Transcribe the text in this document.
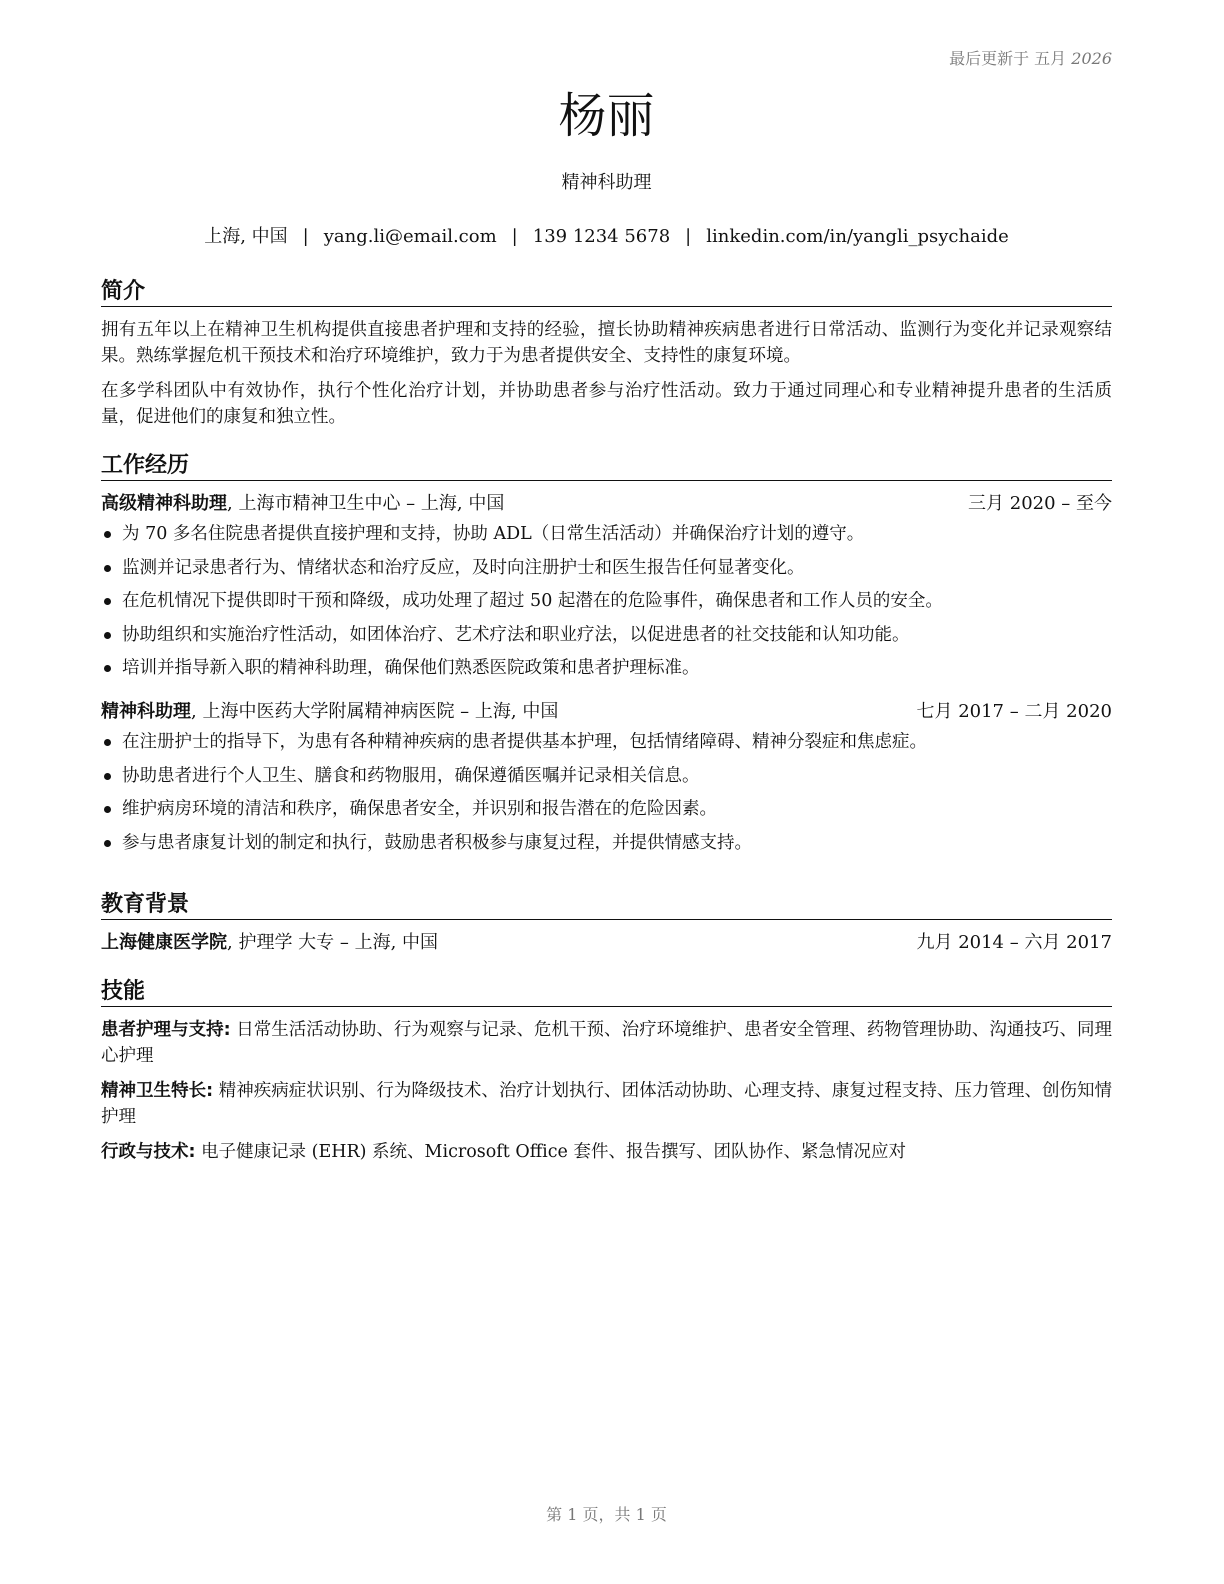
最后更新于 五月 2026
杨丽
精神科助理
上海, 中国 | yang.li@email.com | 139 1234 5678 | linkedin.com/in/yangli_psychaide
简介

拥有五年以上在精神卫生机构提供直接患者护理和支持的经验，擅长协助精神疾病患者进行日常活动、监测行为变化并记录观察结果。熟练掌握危机干预技术和治疗环境维护，致力于为患者提供安全、支持性的康复环境。

在多学科团队中有效协作，执行个性化治疗计划，并协助患者参与治疗性活动。致力于通过同理心和专业精神提升患者的生活质量，促进他们的康复和独立性。

工作经历
高级精神科助理, 上海市精神卫生中心 – 上海, 中国	三月 2020 – 至今
为 70 多名住院患者提供直接护理和支持，协助 ADL（日常生活活动）并确保治疗计划的遵守。
监测并记录患者行为、情绪状态和治疗反应，及时向注册护士和医生报告任何显著变化。
在危机情况下提供即时干预和降级，成功处理了超过 50 起潜在的危险事件，确保患者和工作人员的安全。
协助组织和实施治疗性活动，如团体治疗、艺术疗法和职业疗法，以促进患者的社交技能和认知功能。
培训并指导新入职的精神科助理，确保他们熟悉医院政策和患者护理标准。
精神科助理, 上海中医药大学附属精神病医院 – 上海, 中国	七月 2017 – 二月 2020
在注册护士的指导下，为患有各种精神疾病的患者提供基本护理，包括情绪障碍、精神分裂症和焦虑症。
协助患者进行个人卫生、膳食和药物服用，确保遵循医嘱并记录相关信息。
维护病房环境的清洁和秩序，确保患者安全，并识别和报告潜在的危险因素。
参与患者康复计划的制定和执行，鼓励患者积极参与康复过程，并提供情感支持。
教育背景
上海健康医学院, 护理学 大专 – 上海, 中国	九月 2014 – 六月 2017
技能

患者护理与支持: 日常生活活动协助、行为观察与记录、危机干预、治疗环境维护、患者安全管理、药物管理协助、沟通技巧、同理心护理

精神卫生特长: 精神疾病症状识别、行为降级技术、治疗计划执行、团体活动协助、心理支持、康复过程支持、压力管理、创伤知情护理

行政与技术: 电子健康记录 (EHR) 系统、Microsoft Office 套件、报告撰写、团队协作、紧急情况应对

第 1 页，共 1 页
